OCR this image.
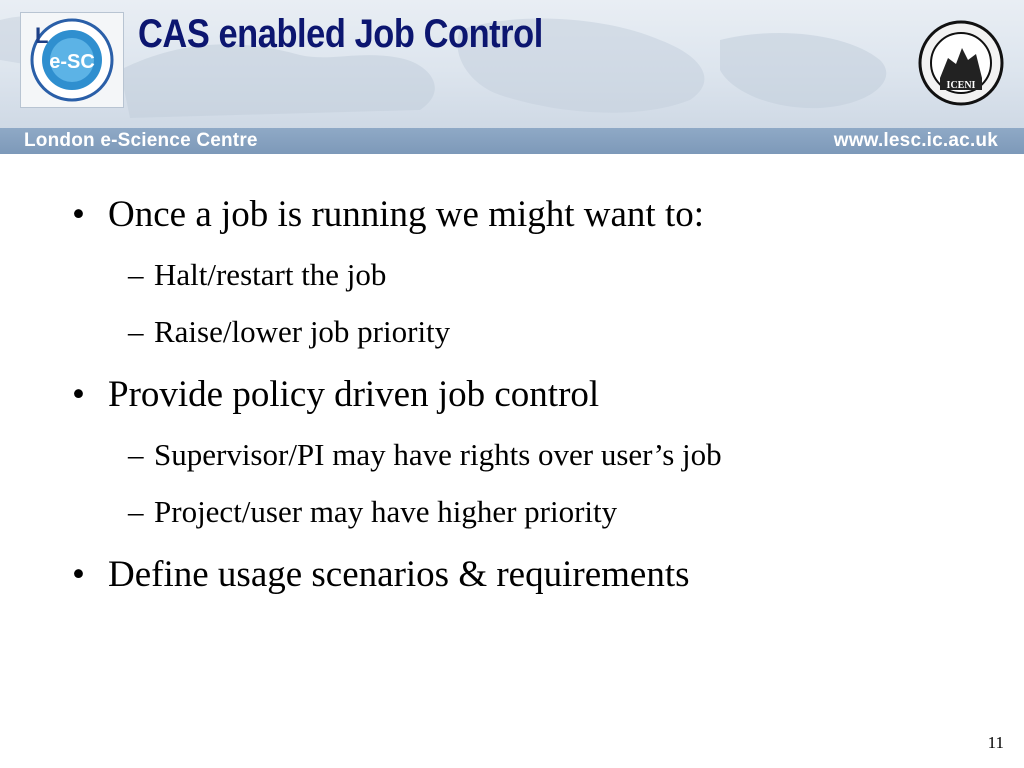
e-SC
L CAS enabled Job Control
ICENI
London e-Science Centre	www.lesc.ic.ac.uk
• Once a job is running we might want to:
– Halt/restart the job
– Raise/lower job priority
• Provide policy driven job control
– Supervisor/PI may have rights over user’s job
– Project/user may have higher priority
• Define usage scenarios & requirements
11
